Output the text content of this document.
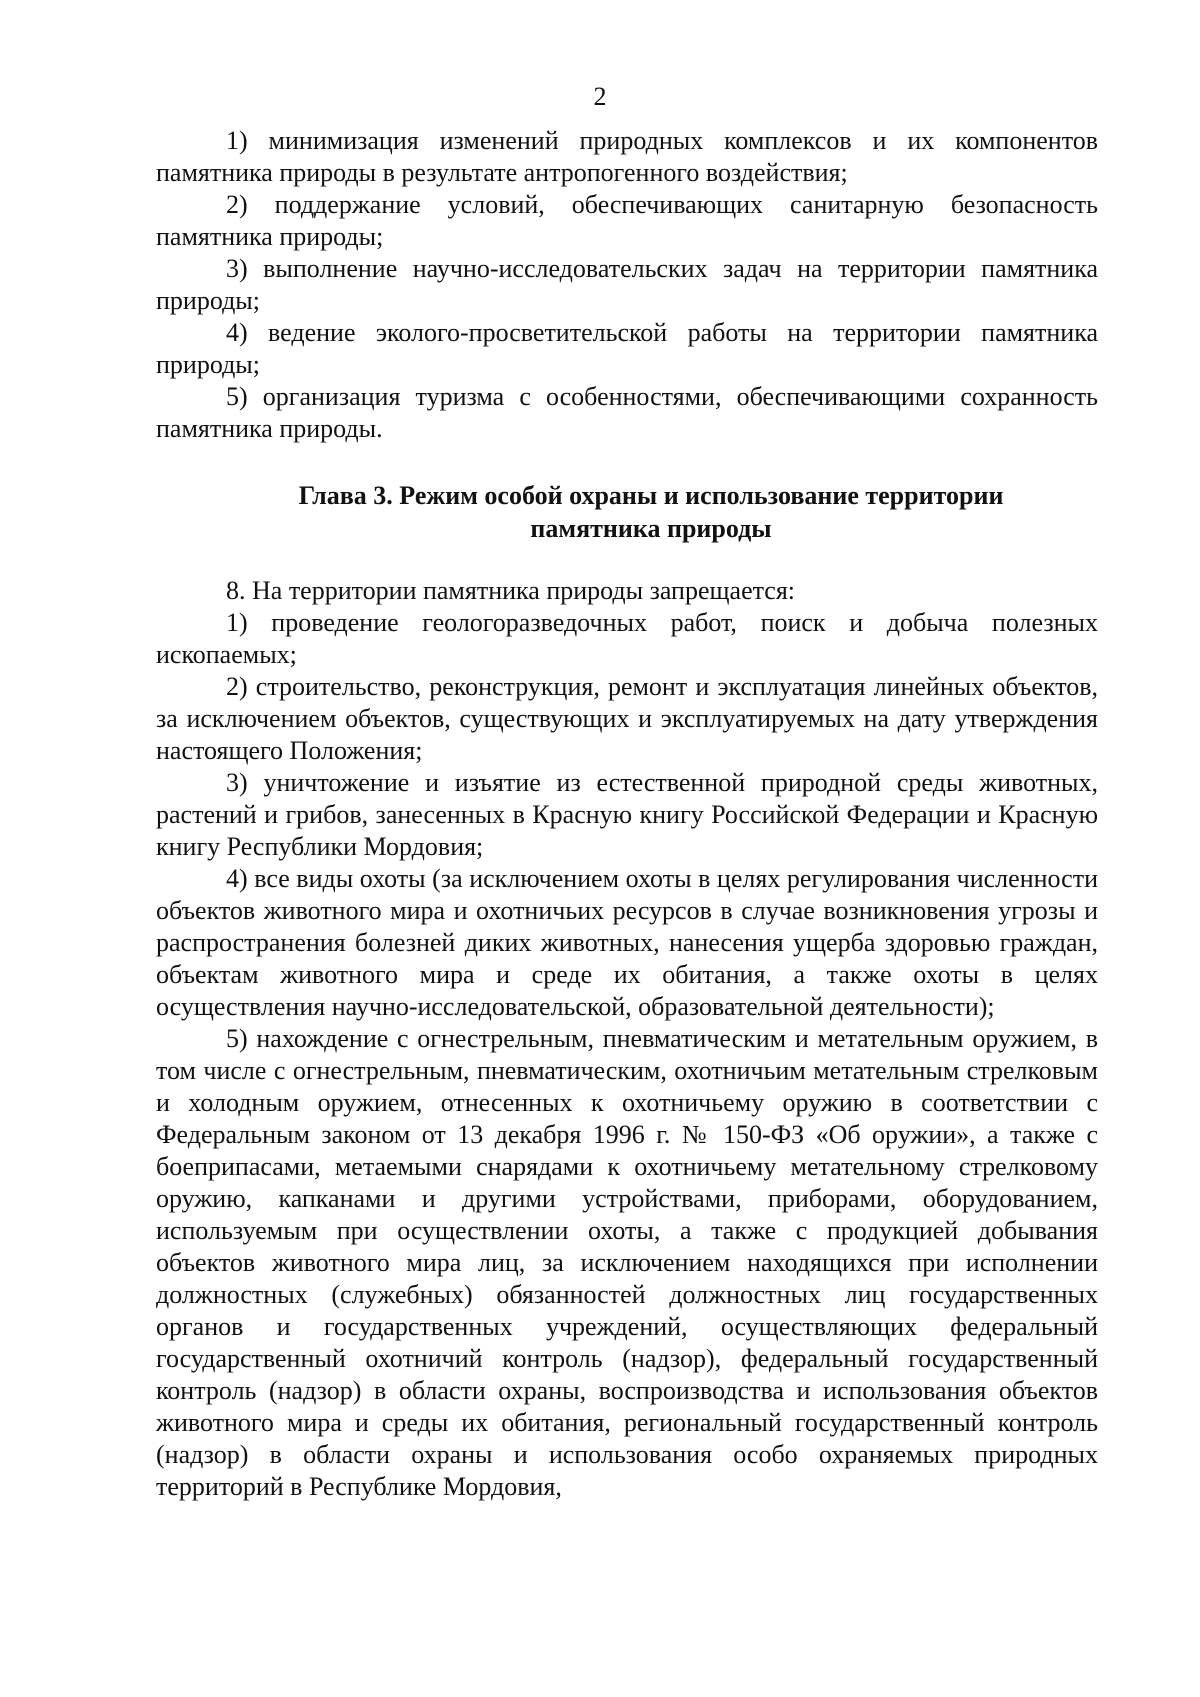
2

1) минимизация изменений природных комплексов и их компонентов памятника природы в результате антропогенного воздействия;

2) поддержание условий, обеспечивающих санитарную безопасность памятника природы;

3) выполнение научно-исследовательских задач на территории памятника природы;

4) ведение эколого-просветительской работы на территории памятника природы;

5) организация туризма с особенностями, обеспечивающими сохранность памятника природы.

Глава 3. Режим особой охраны и использование территории
памятника природы

8. На территории памятника природы запрещается:

1) проведение геологоразведочных работ, поиск и добыча полезных ископаемых;

2) строительство, реконструкция, ремонт и эксплуатация линейных объектов, за исключением объектов, существующих и эксплуатируемых на дату утверждения настоящего Положения;

3) уничтожение и изъятие из естественной природной среды животных, растений и грибов, занесенных в Красную книгу Российской Федерации и Красную книгу Республики Мордовия;

4) все виды охоты (за исключением охоты в целях регулирования численности объектов животного мира и охотничьих ресурсов в случае возникновения угрозы и распространения болезней диких животных, нанесения ущерба здоровью граждан, объектам животного мира и среде их обитания, а также охоты в целях осуществления научно-исследовательской, образовательной деятельности);

5) нахождение с огнестрельным, пневматическим и метательным оружием, в том числе с огнестрельным, пневматическим, охотничьим метательным стрелковым и холодным оружием, отнесенных к охотничьему оружию в соответствии с Федеральным законом от 13 декабря 1996 г. № 150-ФЗ «Об оружии», а также с боеприпасами, метаемыми снарядами к охотничьему метательному стрелковому оружию, капканами и другими устройствами, приборами, оборудованием, используемым при осуществлении охоты, а также с продукцией добывания объектов животного мира лиц, за исключением находящихся при исполнении должностных (служебных) обязанностей должностных лиц государственных органов и государственных учреждений, осуществляющих федеральный государственный охотничий контроль (надзор), федеральный государственный контроль (надзор) в области охраны, воспроизводства и использования объектов животного мира и среды их обитания, региональный государственный контроль (надзор) в области охраны и использования особо охраняемых природных территорий в Республике Мордовия,
